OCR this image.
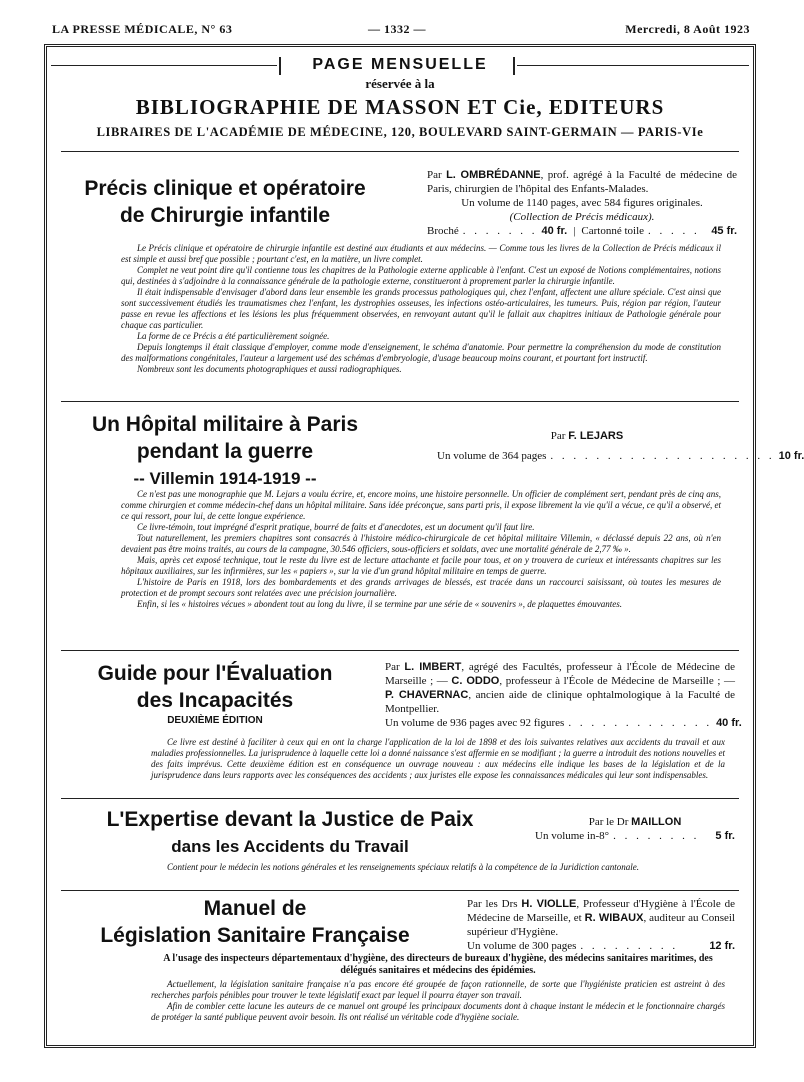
LA PRESSE MÉDICALE, N° 63	— 1332 —	Mercredi, 8 Août 1923
PAGE MENSUELLE
réservée à la
BIBLIOGRAPHIE DE MASSON ET Cie, EDITEURS
LIBRAIRES DE L'ACADÉMIE DE MÉDECINE, 120, BOULEVARD SAINT-GERMAIN — PARIS-VIe
Précis clinique et opératoire
de Chirurgie infantile
Par L. OMBRÉDANNE, prof. agrégé à la Faculté de médecine de Paris, chirurgien de l'hôpital des Enfants-Malades.
Un volume de 1140 pages, avec 584 figures originales.
(Collection de Précis médicaux).
Broché . . . . . . . 40 fr. | Cartonné toile . . . . .	45 fr.

Le Précis clinique et opératoire de chirurgie infantile est destiné aux étudiants et aux médecins. — Comme tous les livres de la Collection de Précis médicaux il est simple et aussi bref que possible ; pourtant c'est, en la matière, un livre complet.

Complet ne veut point dire qu'il contienne tous les chapitres de la Pathologie externe applicable à l'enfant. C'est un exposé de Notions complémentaires, notions qui, destinées à s'adjoindre à la connaissance générale de la pathologie externe, constitueront à proprement parler la chirurgie infantile.

Il était indispensable d'envisager d'abord dans leur ensemble les grands processus pathologiques qui, chez l'enfant, affectent une allure spéciale. C'est ainsi que sont successivement étudiés les traumatismes chez l'enfant, les dystrophies osseuses, les infections ostéo-articulaires, les tumeurs. Puis, région par région, l'auteur passe en revue les affections et les lésions les plus fréquemment observées, en renvoyant autant qu'il le fallait aux chapitres initiaux de Pathologie générale pour chaque cas particulier.

La forme de ce Précis a été particulièrement soignée.

Depuis longtemps il était classique d'employer, comme mode d'enseignement, le schéma d'anatomie. Pour permettre la compréhension du mode de constitution des malformations congénitales, l'auteur a largement usé des schémas d'embryologie, d'usage beaucoup moins courant, et pourtant fort instructif.

Nombreux sont les documents photographiques et aussi radiographiques.

Un Hôpital militaire à Paris
pendant la guerre
-- Villemin 1914-1919 --
Par F. LEJARS
Un volume de 364 pages . . . . . . . . . . . . . . . . . . . . 10 fr.

Ce n'est pas une monographie que M. Lejars a voulu écrire, et, encore moins, une histoire personnelle. Un officier de complément sert, pendant près de cinq ans, comme chirurgien et comme médecin-chef dans un hôpital militaire. Sans idée préconçue, sans parti pris, il expose librement la vie qu'il a vécue, ce qu'il a observé, et ce qui ressort, pour lui, de cette longue expérience.

Ce livre-témoin, tout imprégné d'esprit pratique, bourré de faits et d'anecdotes, est un document qu'il faut lire.

Tout naturellement, les premiers chapitres sont consacrés à l'histoire médico-chirurgicale de cet hôpital militaire Villemin, « déclassé depuis 22 ans, où n'en devaient pas être moins traités, au cours de la campagne, 30.546 officiers, sous-officiers et soldats, avec une mortalité générale de 2,77 ‰ ».

Mais, après cet exposé technique, tout le reste du livre est de lecture attachante et facile pour tous, et on y trouvera de curieux et intéressants chapitres sur les hôpitaux auxiliaires, sur les infirmières, sur les « papiers », sur la vie d'un grand hôpital militaire en temps de guerre.

L'histoire de Paris en 1918, lors des bombardements et des grands arrivages de blessés, est tracée dans un raccourci saisissant, où toutes les mesures de protection et de prompt secours sont relatées avec une précision journalière.

Enfin, si les « histoires vécues » abondent tout au long du livre, il se termine par une série de « souvenirs », de plaquettes émouvantes.

Guide pour l'Évaluation
des Incapacités
DEUXIÈME ÉDITION
Par L. IMBERT, agrégé des Facultés, professeur à l'École de Médecine de Marseille ; — C. ODDO, professeur à l'École de Médecine de Marseille ; — P. CHAVERNAC, ancien aide de clinique ophtalmologique à la Faculté de Montpellier.
Un volume de 936 pages avec 92 figures . . . . . . . . . . . . . 40 fr.

Ce livre est destiné à faciliter à ceux qui en ont la charge l'application de la loi de 1898 et des lois suivantes relatives aux accidents du travail et aux maladies professionnelles. La jurisprudence à laquelle cette loi a donné naissance s'est affermie en se modifiant ; la guerre a introduit des notions nouvelles et des faits imprévus. Cette deuxième édition est en conséquence un ouvrage nouveau : aux médecins elle indique les bases de la législation et de la jurisprudence dans leurs rapports avec les conséquences des accidents ; aux juristes elle expose les connaissances médicales qui leur sont indispensables.

L'Expertise devant la Justice de Paix
dans les Accidents du Travail
Par le Dr MAILLON
Un volume in-8° . . . . . . . .	5 fr.

Contient pour le médecin les notions générales et les renseignements spéciaux relatifs à la compétence de la Juridiction cantonale.

Manuel de
Législation Sanitaire Française
Par les Drs H. VIOLLE, Professeur d'Hygiène à l'École de Médecine de Marseille, et R. WIBAUX, auditeur au Conseil supérieur d'Hygiène.
Un volume de 300 pages . . . . . . . . .	12 fr.
A l'usage des inspecteurs départementaux d'hygiène, des directeurs de bureaux d'hygiène, des médecins sanitaires maritimes, des délégués sanitaires et médecins des épidémies.

Actuellement, la législation sanitaire française n'a pas encore été groupée de façon rationnelle, de sorte que l'hygiéniste praticien est astreint à des recherches parfois pénibles pour trouver le texte législatif exact par lequel il pourra étayer son travail.

Afin de combler cette lacune les auteurs de ce manuel ont groupé les principaux documents dont à chaque instant le médecin et le fonctionnaire chargés de protéger la santé publique peuvent avoir besoin. Ils ont réalisé un véritable code d'hygiène sociale.
